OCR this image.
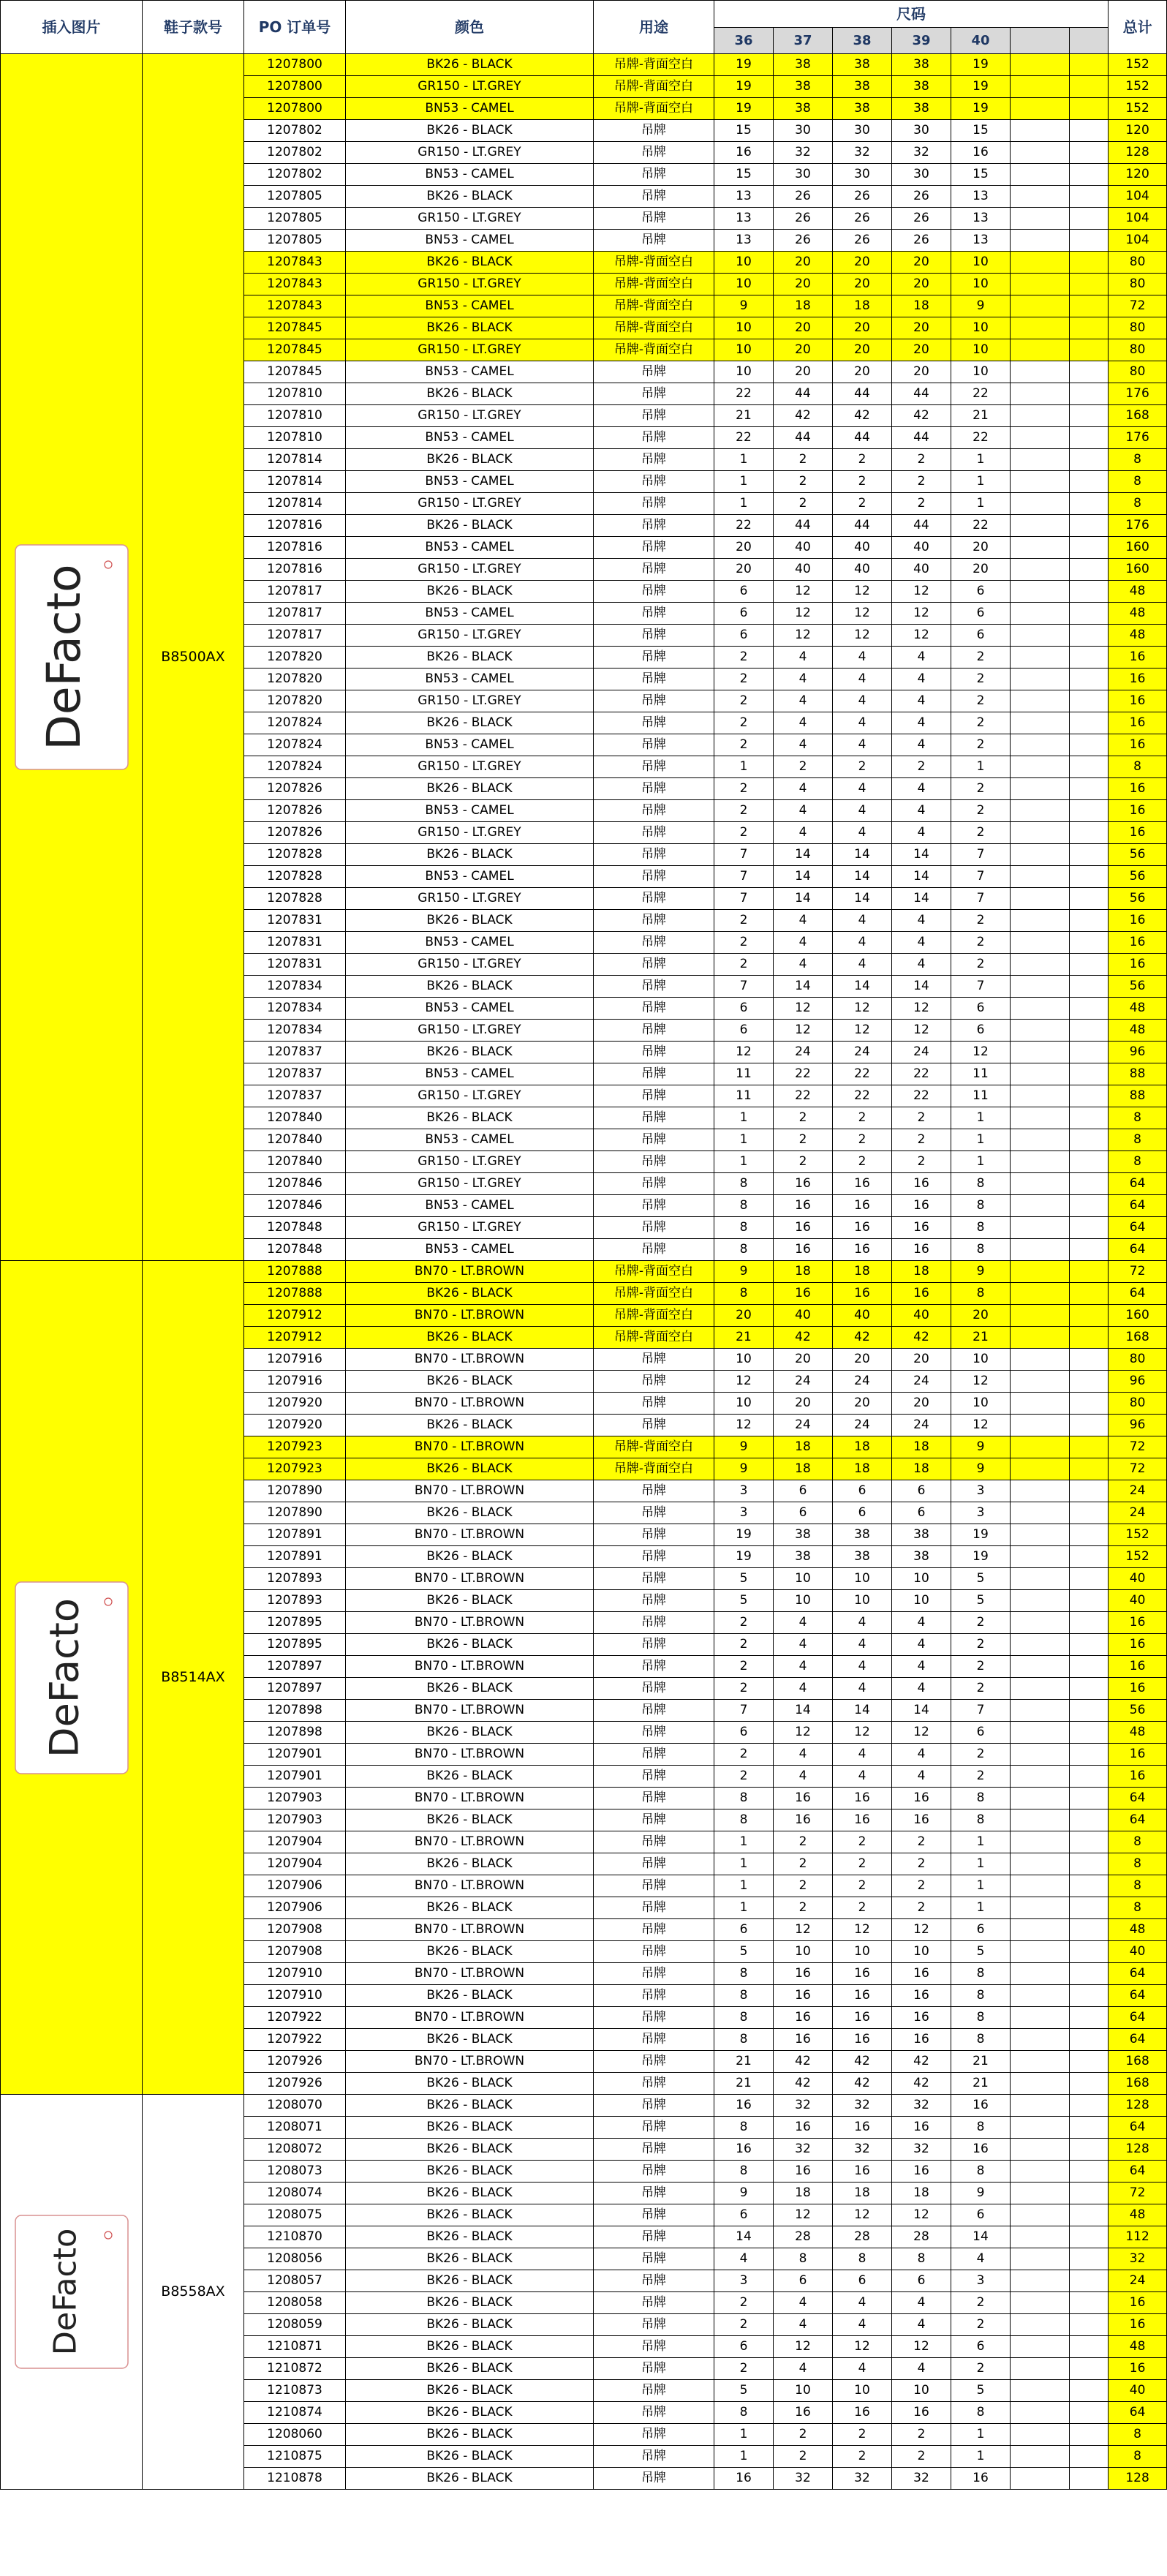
插入图片	鞋子款号	PO 订单号	颜色	用途	尺码							总计
					36	37	38	39	40			

DeFacto	B8500AX	1207800	BK26 - BLACK	吊牌-背面空白	19	38	38	38	19			152
		1207800	GR150 - LT.GREY	吊牌-背面空白	19	38	38	38	19			152
		1207800	BN53 - CAMEL	吊牌-背面空白	19	38	38	38	19			152
		1207802	BK26 - BLACK	吊牌	15	30	30	30	15			120
		1207802	GR150 - LT.GREY	吊牌	16	32	32	32	16			128
		1207802	BN53 - CAMEL	吊牌	15	30	30	30	15			120
		1207805	BK26 - BLACK	吊牌	13	26	26	26	13			104
		1207805	GR150 - LT.GREY	吊牌	13	26	26	26	13			104
		1207805	BN53 - CAMEL	吊牌	13	26	26	26	13			104
		1207843	BK26 - BLACK	吊牌-背面空白	10	20	20	20	10			80
		1207843	GR150 - LT.GREY	吊牌-背面空白	10	20	20	20	10			80
		1207843	BN53 - CAMEL	吊牌-背面空白	9	18	18	18	9			72
		1207845	BK26 - BLACK	吊牌-背面空白	10	20	20	20	10			80
		1207845	GR150 - LT.GREY	吊牌-背面空白	10	20	20	20	10			80
		1207845	BN53 - CAMEL	吊牌	10	20	20	20	10			80
		1207810	BK26 - BLACK	吊牌	22	44	44	44	22			176
		1207810	GR150 - LT.GREY	吊牌	21	42	42	42	21			168
		1207810	BN53 - CAMEL	吊牌	22	44	44	44	22			176
		1207814	BK26 - BLACK	吊牌	1	2	2	2	1			8
		1207814	BN53 - CAMEL	吊牌	1	2	2	2	1			8
		1207814	GR150 - LT.GREY	吊牌	1	2	2	2	1			8
		1207816	BK26 - BLACK	吊牌	22	44	44	44	22			176
		1207816	BN53 - CAMEL	吊牌	20	40	40	40	20			160
		1207816	GR150 - LT.GREY	吊牌	20	40	40	40	20			160
		1207817	BK26 - BLACK	吊牌	6	12	12	12	6			48
		1207817	BN53 - CAMEL	吊牌	6	12	12	12	6			48
		1207817	GR150 - LT.GREY	吊牌	6	12	12	12	6			48
		1207820	BK26 - BLACK	吊牌	2	4	4	4	2			16
		1207820	BN53 - CAMEL	吊牌	2	4	4	4	2			16
		1207820	GR150 - LT.GREY	吊牌	2	4	4	4	2			16
		1207824	BK26 - BLACK	吊牌	2	4	4	4	2			16
		1207824	BN53 - CAMEL	吊牌	2	4	4	4	2			16
		1207824	GR150 - LT.GREY	吊牌	1	2	2	2	1			8
		1207826	BK26 - BLACK	吊牌	2	4	4	4	2			16
		1207826	BN53 - CAMEL	吊牌	2	4	4	4	2			16
		1207826	GR150 - LT.GREY	吊牌	2	4	4	4	2			16
		1207828	BK26 - BLACK	吊牌	7	14	14	14	7			56
		1207828	BN53 - CAMEL	吊牌	7	14	14	14	7			56
		1207828	GR150 - LT.GREY	吊牌	7	14	14	14	7			56
		1207831	BK26 - BLACK	吊牌	2	4	4	4	2			16
		1207831	BN53 - CAMEL	吊牌	2	4	4	4	2			16
		1207831	GR150 - LT.GREY	吊牌	2	4	4	4	2			16
		1207834	BK26 - BLACK	吊牌	7	14	14	14	7			56
		1207834	BN53 - CAMEL	吊牌	6	12	12	12	6			48
		1207834	GR150 - LT.GREY	吊牌	6	12	12	12	6			48
		1207837	BK26 - BLACK	吊牌	12	24	24	24	12			96
		1207837	BN53 - CAMEL	吊牌	11	22	22	22	11			88
		1207837	GR150 - LT.GREY	吊牌	11	22	22	22	11			88
		1207840	BK26 - BLACK	吊牌	1	2	2	2	1			8
		1207840	BN53 - CAMEL	吊牌	1	2	2	2	1			8
		1207840	GR150 - LT.GREY	吊牌	1	2	2	2	1			8
		1207846	GR150 - LT.GREY	吊牌	8	16	16	16	8			64
		1207846	BN53 - CAMEL	吊牌	8	16	16	16	8			64
		1207848	GR150 - LT.GREY	吊牌	8	16	16	16	8			64
		1207848	BN53 - CAMEL	吊牌	8	16	16	16	8			64

DeFacto	B8514AX	1207888	BN70 - LT.BROWN	吊牌-背面空白	9	18	18	18	9			72
		1207888	BK26 - BLACK	吊牌-背面空白	8	16	16	16	8			64
		1207912	BN70 - LT.BROWN	吊牌-背面空白	20	40	40	40	20			160
		1207912	BK26 - BLACK	吊牌-背面空白	21	42	42	42	21			168
		1207916	BN70 - LT.BROWN	吊牌	10	20	20	20	10			80
		1207916	BK26 - BLACK	吊牌	12	24	24	24	12			96
		1207920	BN70 - LT.BROWN	吊牌	10	20	20	20	10			80
		1207920	BK26 - BLACK	吊牌	12	24	24	24	12			96
		1207923	BN70 - LT.BROWN	吊牌-背面空白	9	18	18	18	9			72
		1207923	BK26 - BLACK	吊牌-背面空白	9	18	18	18	9			72
		1207890	BN70 - LT.BROWN	吊牌	3	6	6	6	3			24
		1207890	BK26 - BLACK	吊牌	3	6	6	6	3			24
		1207891	BN70 - LT.BROWN	吊牌	19	38	38	38	19			152
		1207891	BK26 - BLACK	吊牌	19	38	38	38	19			152
		1207893	BN70 - LT.BROWN	吊牌	5	10	10	10	5			40
		1207893	BK26 - BLACK	吊牌	5	10	10	10	5			40
		1207895	BN70 - LT.BROWN	吊牌	2	4	4	4	2			16
		1207895	BK26 - BLACK	吊牌	2	4	4	4	2			16
		1207897	BN70 - LT.BROWN	吊牌	2	4	4	4	2			16
		1207897	BK26 - BLACK	吊牌	2	4	4	4	2			16
		1207898	BN70 - LT.BROWN	吊牌	7	14	14	14	7			56
		1207898	BK26 - BLACK	吊牌	6	12	12	12	6			48
		1207901	BN70 - LT.BROWN	吊牌	2	4	4	4	2			16
		1207901	BK26 - BLACK	吊牌	2	4	4	4	2			16
		1207903	BN70 - LT.BROWN	吊牌	8	16	16	16	8			64
		1207903	BK26 - BLACK	吊牌	8	16	16	16	8			64
		1207904	BN70 - LT.BROWN	吊牌	1	2	2	2	1			8
		1207904	BK26 - BLACK	吊牌	1	2	2	2	1			8
		1207906	BN70 - LT.BROWN	吊牌	1	2	2	2	1			8
		1207906	BK26 - BLACK	吊牌	1	2	2	2	1			8
		1207908	BN70 - LT.BROWN	吊牌	6	12	12	12	6			48
		1207908	BK26 - BLACK	吊牌	5	10	10	10	5			40
		1207910	BN70 - LT.BROWN	吊牌	8	16	16	16	8			64
		1207910	BK26 - BLACK	吊牌	8	16	16	16	8			64
		1207922	BN70 - LT.BROWN	吊牌	8	16	16	16	8			64
		1207922	BK26 - BLACK	吊牌	8	16	16	16	8			64
		1207926	BN70 - LT.BROWN	吊牌	21	42	42	42	21			168
		1207926	BK26 - BLACK	吊牌	21	42	42	42	21			168

DeFacto	B8558AX	1208070	BK26 - BLACK	吊牌	16	32	32	32	16			128
		1208071	BK26 - BLACK	吊牌	8	16	16	16	8			64
		1208072	BK26 - BLACK	吊牌	16	32	32	32	16			128
		1208073	BK26 - BLACK	吊牌	8	16	16	16	8			64
		1208074	BK26 - BLACK	吊牌	9	18	18	18	9			72
		1208075	BK26 - BLACK	吊牌	6	12	12	12	6			48
		1210870	BK26 - BLACK	吊牌	14	28	28	28	14			112
		1208056	BK26 - BLACK	吊牌	4	8	8	8	4			32
		1208057	BK26 - BLACK	吊牌	3	6	6	6	3			24
		1208058	BK26 - BLACK	吊牌	2	4	4	4	2			16
		1208059	BK26 - BLACK	吊牌	2	4	4	4	2			16
		1210871	BK26 - BLACK	吊牌	6	12	12	12	6			48
		1210872	BK26 - BLACK	吊牌	2	4	4	4	2			16
		1210873	BK26 - BLACK	吊牌	5	10	10	10	5			40
		1210874	BK26 - BLACK	吊牌	8	16	16	16	8			64
		1208060	BK26 - BLACK	吊牌	1	2	2	2	1			8
		1210875	BK26 - BLACK	吊牌	1	2	2	2	1			8
		1210878	BK26 - BLACK	吊牌	16	32	32	32	16			128
